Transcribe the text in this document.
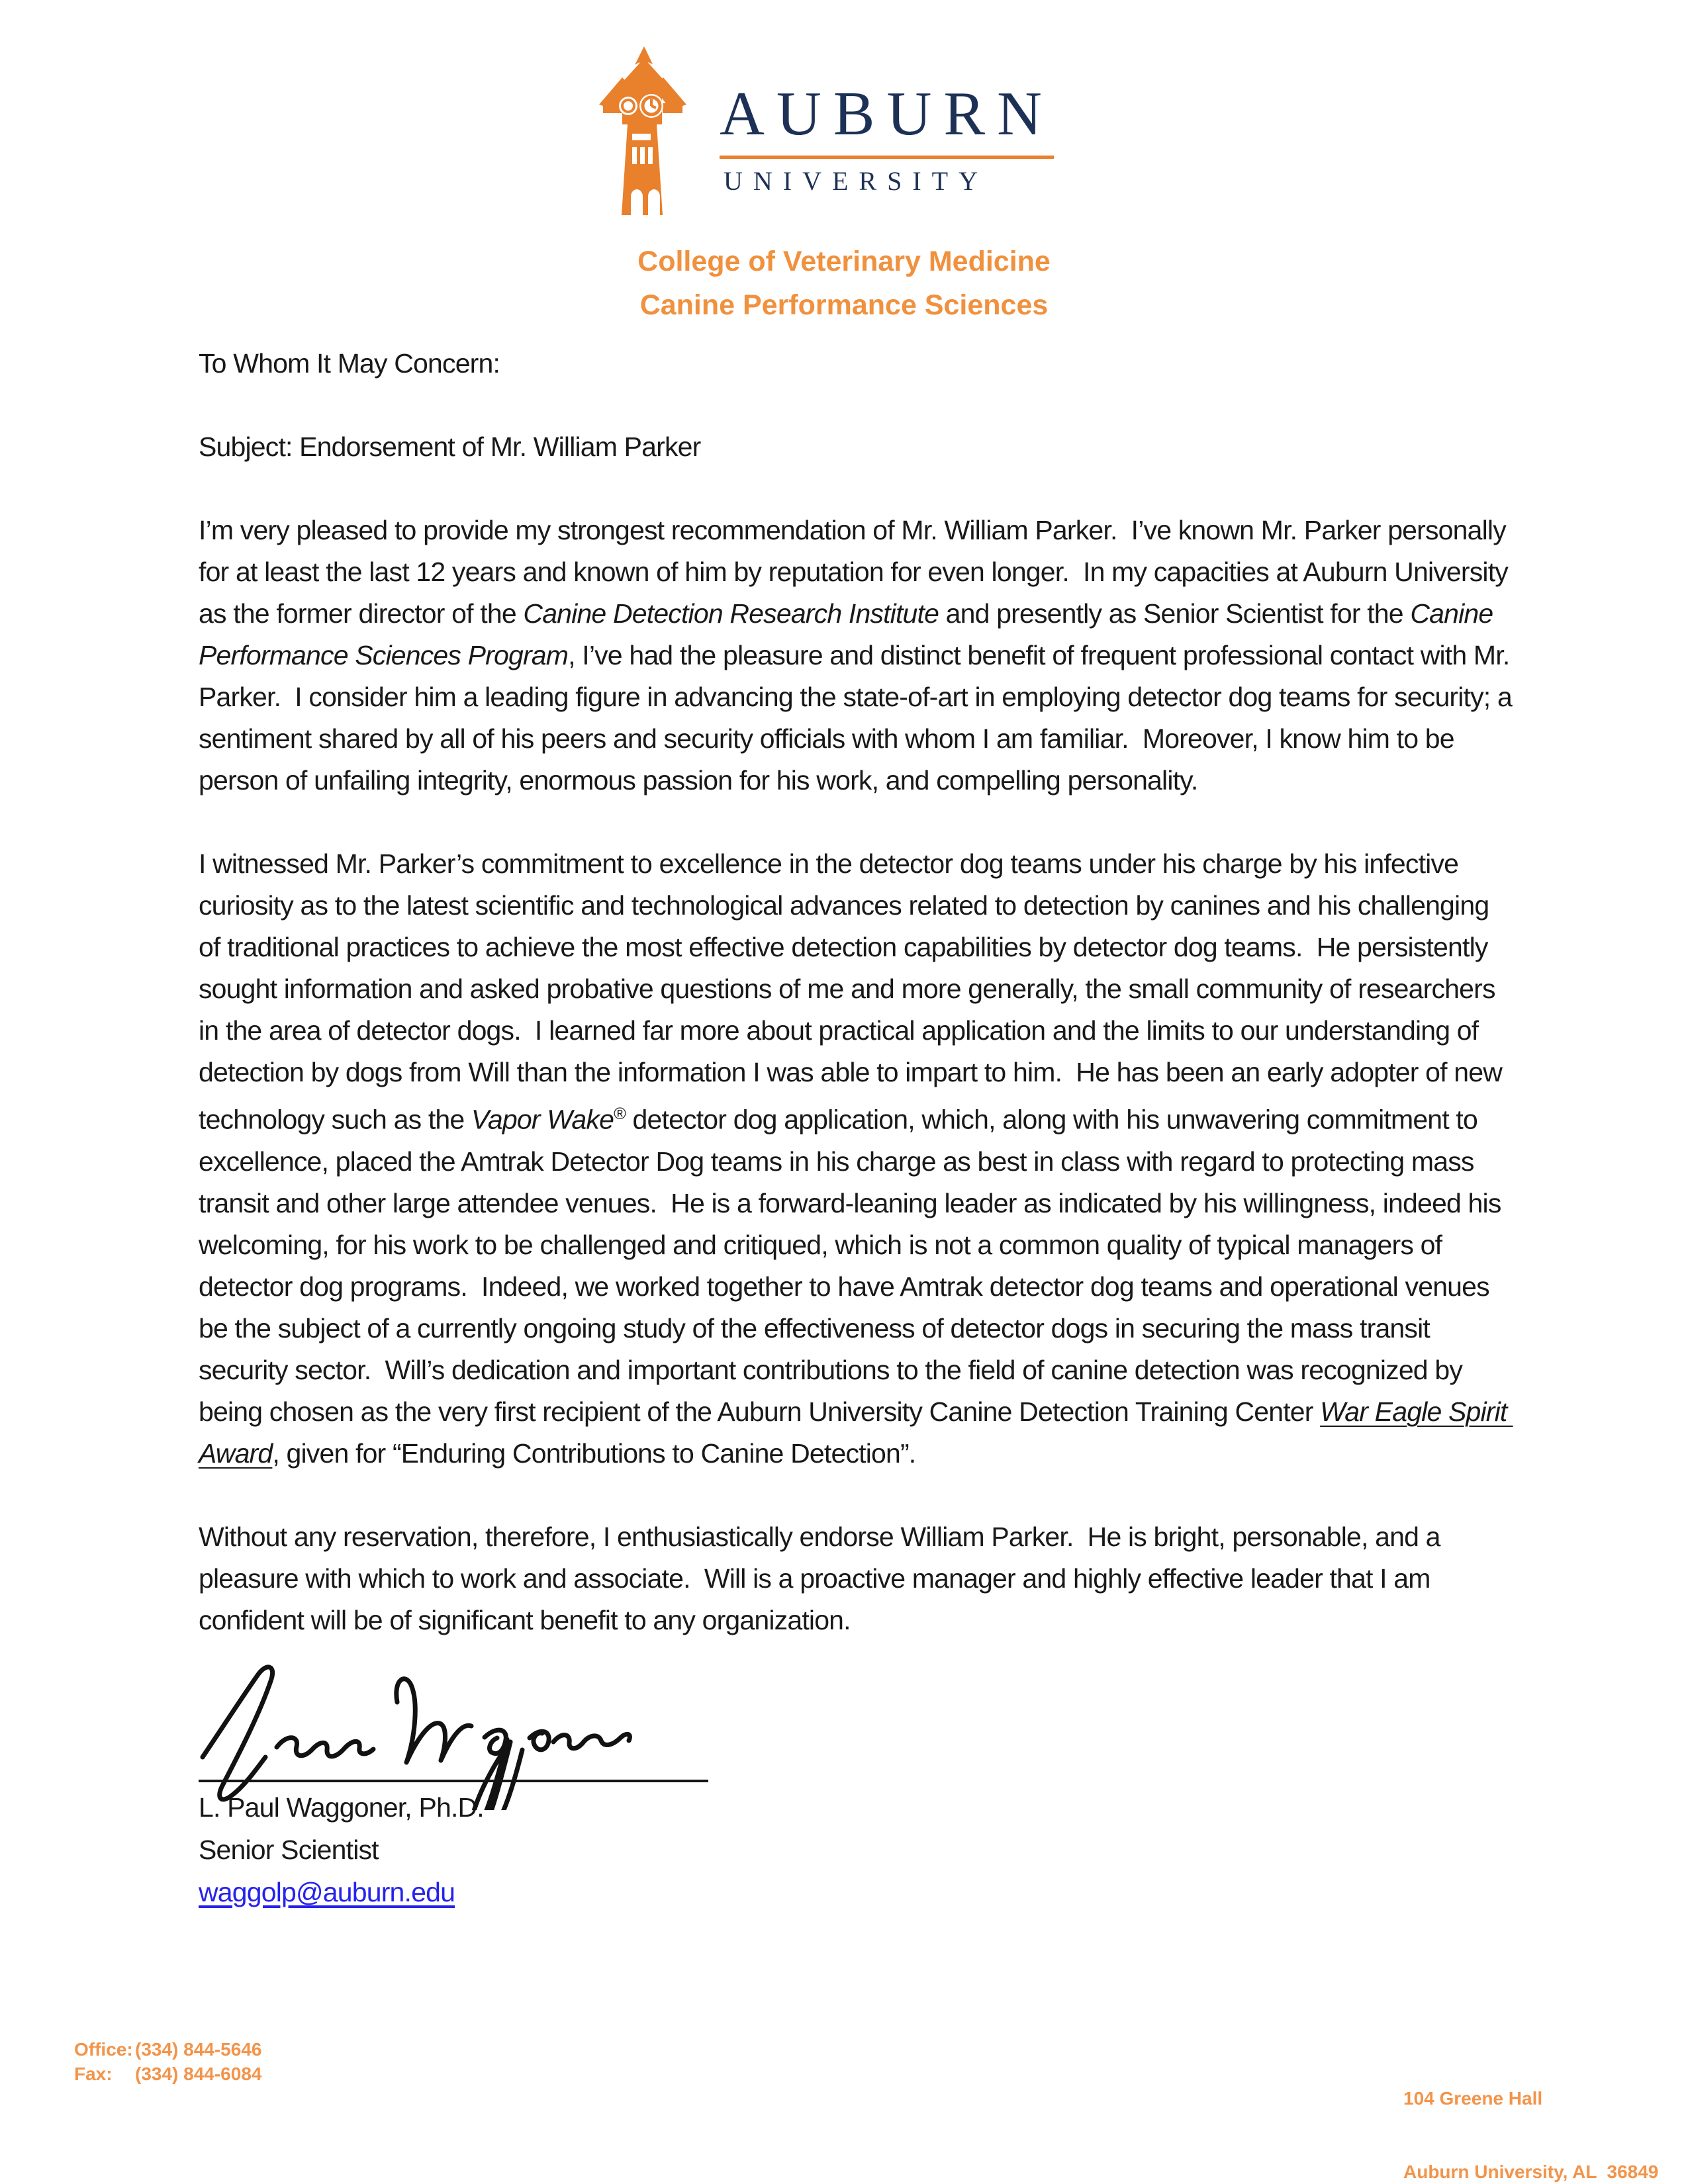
AUBURN
UNIVERSITY
College of Veterinary Medicine
Canine Performance Sciences

To Whom It May Concern:

Subject: Endorsement of Mr. William Parker

I’m very pleased to provide my strongest recommendation of Mr. William Parker.  I’ve known Mr. Parker personally for at least the last 12 years and known of him by reputation for even longer.  In my capacities at Auburn University as the former director of the Canine Detection Research Institute and presently as Senior Scientist for the Canine Performance Sciences Program, I’ve had the pleasure and distinct benefit of frequent professional contact with Mr. Parker.  I consider him a leading figure in advancing the state-of-art in employing detector dog teams for security; a sentiment shared by all of his peers and security officials with whom I am familiar.  Moreover, I know him to be person of unfailing integrity, enormous passion for his work, and compelling personality.

I witnessed Mr. Parker’s commitment to excellence in the detector dog teams under his charge by his infective curiosity as to the latest scientific and technological advances related to detection by canines and his challenging of traditional practices to achieve the most effective detection capabilities by detector dog teams.  He persistently sought information and asked probative questions of me and more generally, the small community of researchers in the area of detector dogs.  I learned far more about practical application and the limits to our understanding of detection by dogs from Will than the information I was able to impart to him.  He has been an early adopter of new technology such as the Vapor Wake® detector dog application, which, along with his unwavering commitment to excellence, placed the Amtrak Detector Dog teams in his charge as best in class with regard to protecting mass transit and other large attendee venues.  He is a forward-leaning leader as indicated by his willingness, indeed his welcoming, for his work to be challenged and critiqued, which is not a common quality of typical managers of detector dog programs.  Indeed, we worked together to have Amtrak detector dog teams and operational venues be the subject of a currently ongoing study of the effectiveness of detector dogs in securing the mass transit security sector.  Will’s dedication and important contributions to the field of canine detection was recognized by being chosen as the very first recipient of the Auburn University Canine Detection Training Center War Eagle Spirit Award, given for “Enduring Contributions to Canine Detection”.

Without any reservation, therefore, I enthusiastically endorse William Parker.  He is bright, personable, and a pleasure with which to work and associate.  Will is a proactive manager and highly effective leader that I am confident will be of significant benefit to any organization.

L. Paul Waggoner, Ph.D.

Senior Scientist

waggolp@auburn.edu

Office: (334) 844-5646
Fax:	(334) 844-6084

104 Greene Hall

Auburn University, AL  36849
